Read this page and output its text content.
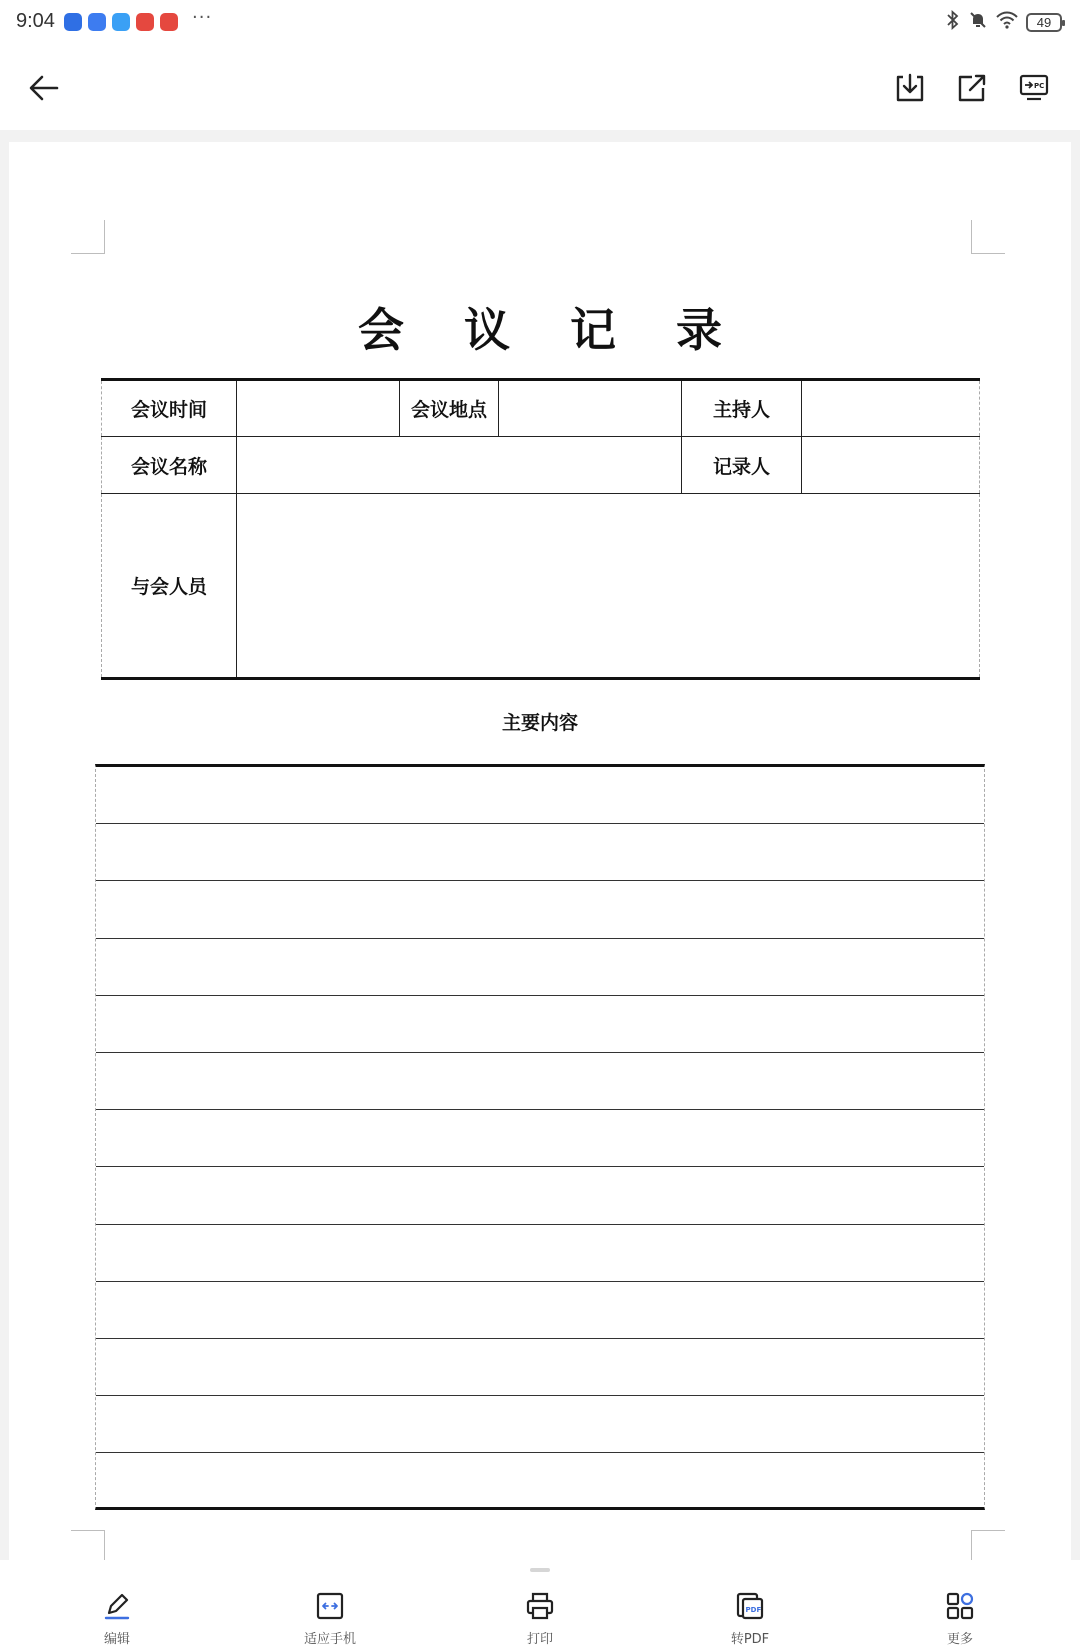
9:04	···	49
PC
会议记录
会议时间		会议地点		主持人	
会议名称				记录人	
与会人员					
主要内容
编辑	适应手机	打印
PDF
转PDF	更多
